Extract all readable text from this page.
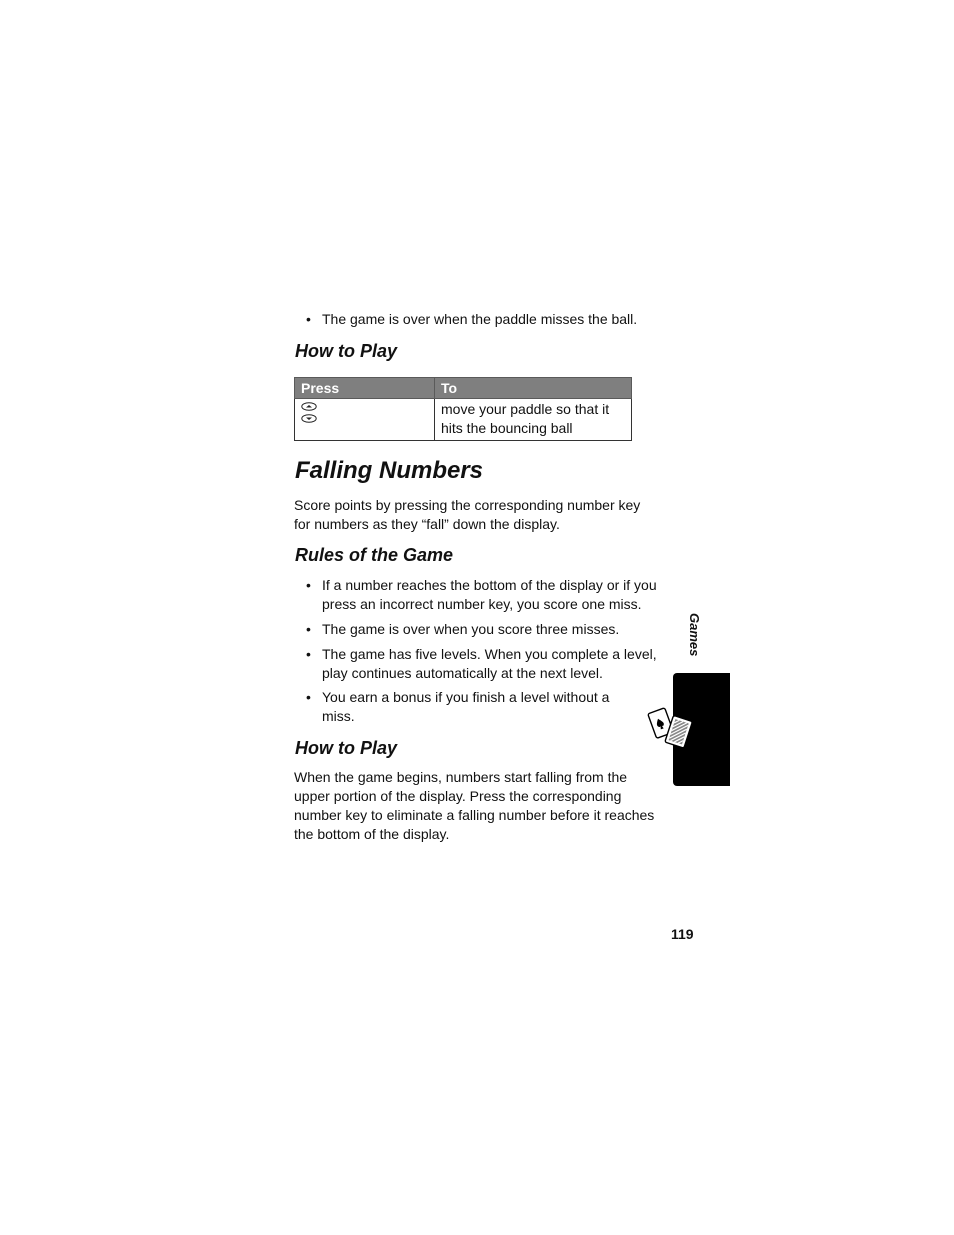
• The game is over when the paddle misses the ball.
How to Play
Press	To

	move your paddle so that it hits the bouncing ball
Falling Numbers
Score points by pressing the corresponding number key for numbers as they “fall” down the display.
Rules of the Game
• If a number reaches the bottom of the display or if you press an incorrect number key, you score one miss.
• The game is over when you score three misses.
• The game has five levels. When you complete a level, play continues automatically at the next level.
• You earn a bonus if you finish a level without a miss.
How to Play
When the game begins, numbers start falling from the upper portion of the display. Press the corresponding number key to eliminate a falling number before it reaches the bottom of the display.
Games
119
